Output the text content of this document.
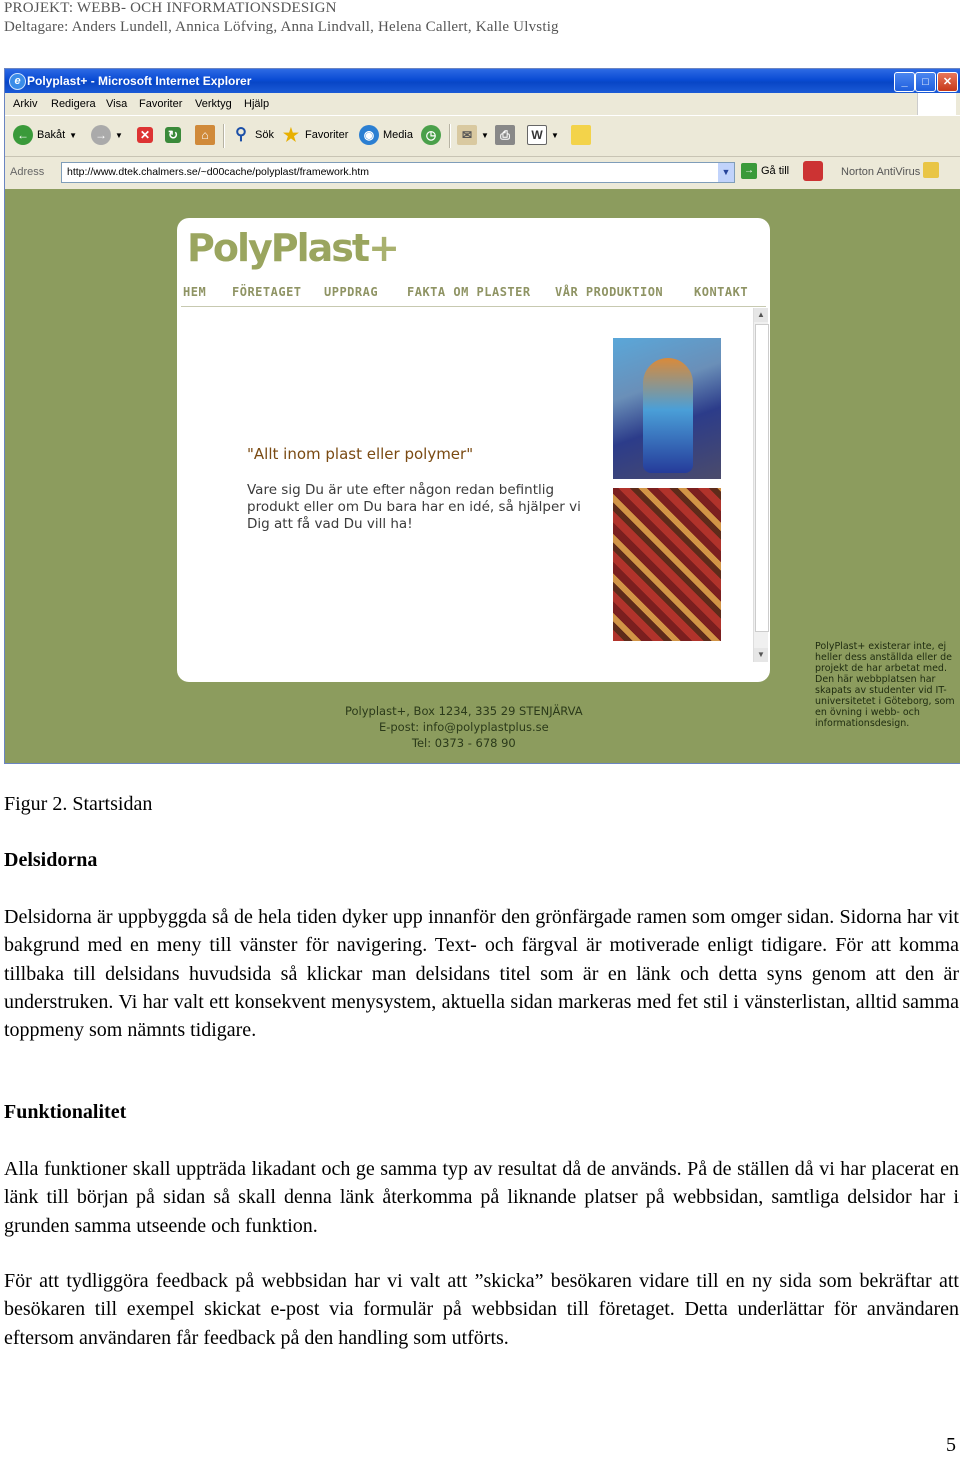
PROJEKT: WEBB- OCH INFORMATIONSDESIGN
Deltagare: Anders Lundell, Annica Löfving, Anna Lindvall, Helena Callert, Kalle Ulvstig
e Polyplast+ - Microsoft Internet Explorer	_	□	✕
Arkiv Redigera Visa Favoriter Verktyg Hjälp
← Bakåt ▼	→	▼ ✕ ↻	⌂	⚲ Sök ★ Favoriter	◉ Media	◷	✉	▼ ⎙	W	▼
Adress http://www.dtek.chalmers.se/~d00cache/polyplast/framework.htm	▼	→ Gå till	Norton AntiVirus
PolyPlast+
HEM FÖRETAGET UPPDRAG FAKTA OM PLASTER VÅR PRODUKTION	KONTAKT
"Allt inom plast eller polymer"
Vare sig Du är ute efter någon redan befintlig produkt eller om Du bara har en idé, så hjälper vi Dig att få vad Du vill ha!
▲
▼
Polyplast+, Box 1234, 335 29 STENJÄRVA
E-post: info@polyplastplus.se
Tel: 0373 - 678 90
PolyPlast+ existerar inte, ej heller dess anställda eller de projekt de har arbetat med. Den här webbplatsen har skapats av studenter vid IT-universitetet i Göteborg, som en övning i webb- och informationsdesign.
Figur 2. Startsidan
Delsidorna
Delsidorna är uppbyggda så de hela tiden dyker upp innanför den grönfärgade ramen som omger sidan. Sidorna har vit bakgrund med en meny till vänster för navigering. Text- och färgval är motiverade enligt tidigare. För att komma tillbaka till delsidans huvudsida så klickar man delsidans titel som är en länk och detta syns genom att den är understruken. Vi har valt ett konsekvent menysystem, aktuella sidan markeras med fet stil i vänsterlistan, alltid samma toppmeny som nämnts tidigare.
Funktionalitet
Alla funktioner skall uppträda likadant och ge samma typ av resultat då de används. På de ställen då vi har placerat en länk till början på sidan så skall denna länk återkomma på liknande platser på webbsidan, samtliga delsidor har i grunden samma utseende och funktion.
För att tydliggöra feedback på webbsidan har vi valt att ”skicka” besökaren vidare till en ny sida som bekräftar att besökaren till exempel skickat e-post via formulär på webbsidan till företaget. Detta underlättar för användaren eftersom användaren får feedback på den handling som utförts.
5
